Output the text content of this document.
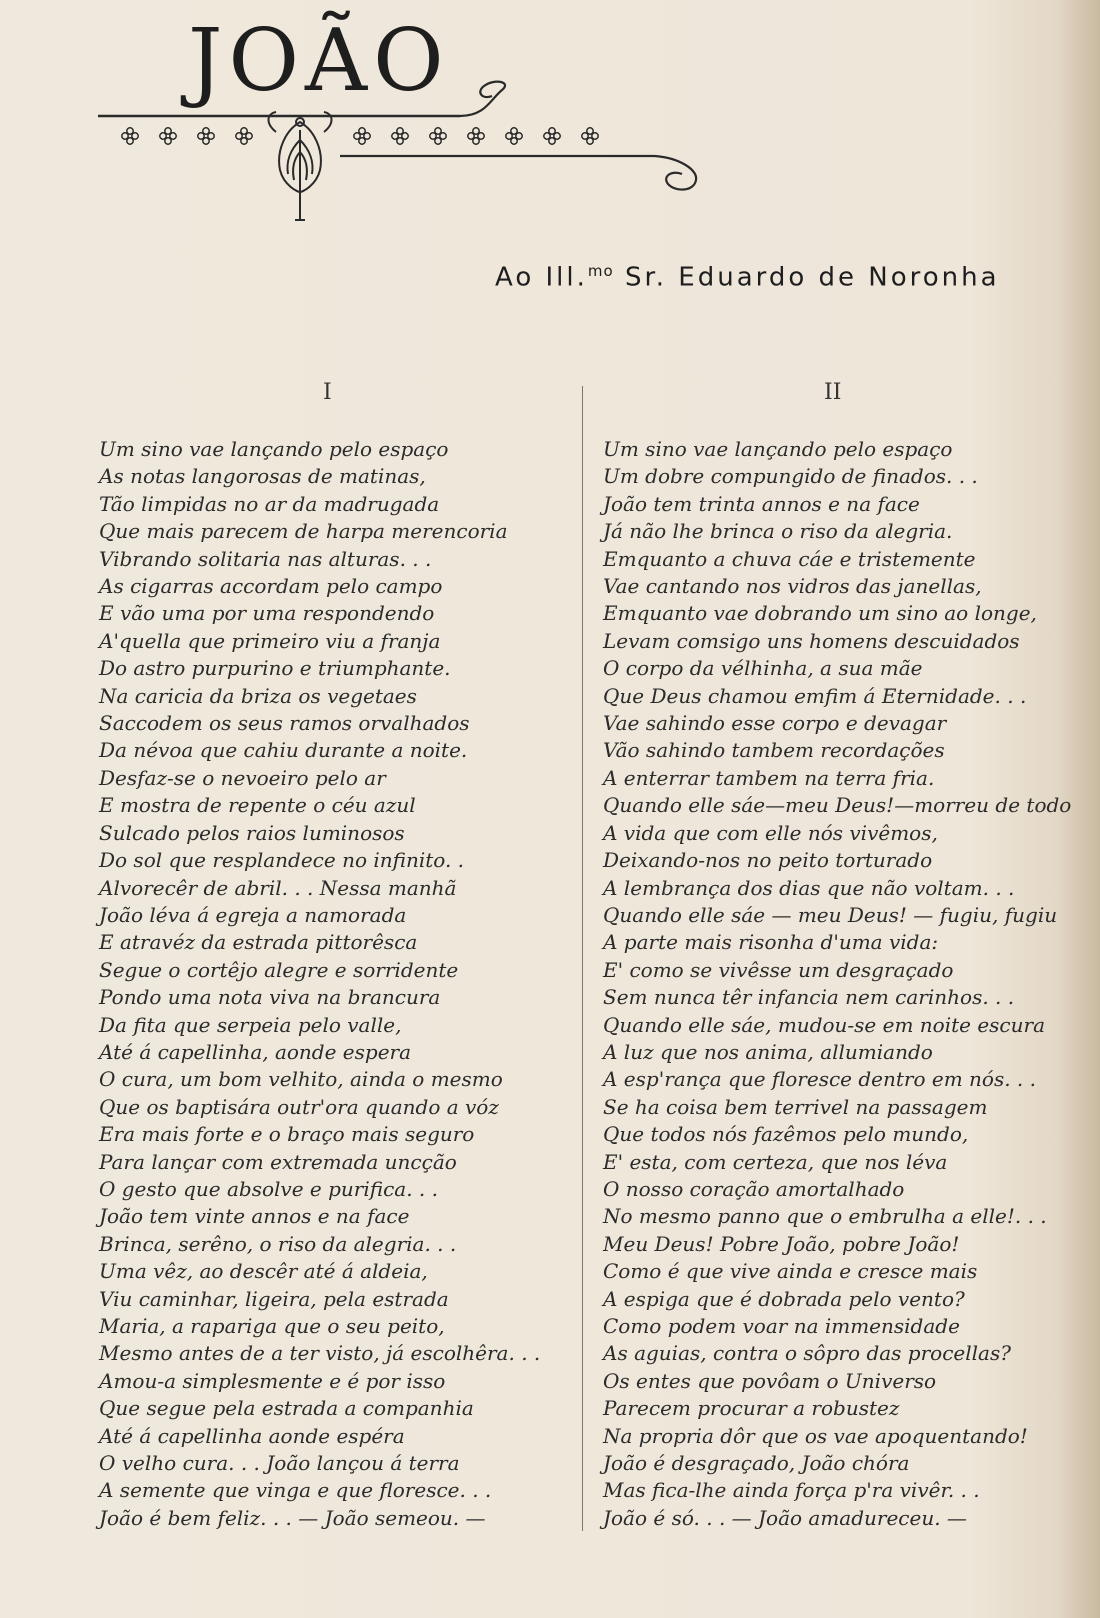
JOÃO
Ao Ill.$^{mo}$ Sr. Eduardo de Noronha
I	II
Um sino vae lançando pelo espaço
As notas langorosas de matinas,
Tão limpidas no ar da madrugada
Que mais parecem de harpa merencoria
Vibrando solitaria nas alturas. . .
As cigarras accordam pelo campo
E vão uma por uma respondendo
A'quella que primeiro viu a franja
Do astro purpurino e triumphante.
Na caricia da briza os vegetaes
Saccodem os seus ramos orvalhados
Da névoa que cahiu durante a noite.
Desfaz-se o nevoeiro pelo ar
E mostra de repente o céu azul
Sulcado pelos raios luminosos
Do sol que resplandece no infinito. .
Alvorecêr de abril. . . Nessa manhã
João léva á egreja a namorada
E atravéz da estrada pittorêsca
Segue o cortêjo alegre e sorridente
Pondo uma nota viva na brancura
Da fita que serpeia pelo valle,
Até á capellinha, aonde espera
O cura, um bom velhito, ainda o mesmo
Que os baptisára outr'ora quando a vóz
Era mais forte e o braço mais seguro
Para lançar com extremada uncção
O gesto que absolve e purifica. . .
João tem vinte annos e na face
Brinca, serêno, o riso da alegria. . .
Uma vêz, ao descêr até á aldeia,
Viu caminhar, ligeira, pela estrada
Maria, a rapariga que o seu peito,
Mesmo antes de a ter visto, já escolhêra. . .
Amou-a simplesmente e é por isso
Que segue pela estrada a companhia
Até á capellinha aonde espéra
O velho cura. . . João lançou á terra
A semente que vinga e que floresce. . .
João é bem feliz. . . — João semeou. —
Um sino vae lançando pelo espaço
Um dobre compungido de finados. . .
João tem trinta annos e na face
Já não lhe brinca o riso da alegria.
Emquanto a chuva cáe e tristemente
Vae cantando nos vidros das janellas,
Emquanto vae dobrando um sino ao longe,
Levam comsigo uns homens descuidados
O corpo da vélhinha, a sua mãe
Que Deus chamou emfim á Eternidade. . .
Vae sahindo esse corpo e devagar
Vão sahindo tambem recordações
A enterrar tambem na terra fria.
Quando elle sáe—meu Deus!—morreu de todo
A vida que com elle nós vivêmos,
Deixando-nos no peito torturado
A lembrança dos dias que não voltam. . .
Quando elle sáe — meu Deus! — fugiu, fugiu
A parte mais risonha d'uma vida:
E' como se vivêsse um desgraçado
Sem nunca têr infancia nem carinhos. . .
Quando elle sáe, mudou-se em noite escura
A luz que nos anima, allumiando
A esp'rança que floresce dentro em nós. . .
Se ha coisa bem terrivel na passagem
Que todos nós fazêmos pelo mundo,
E' esta, com certeza, que nos léva
O nosso coração amortalhado
No mesmo panno que o embrulha a elle!. . .
Meu Deus! Pobre João, pobre João!
Como é que vive ainda e cresce mais
A espiga que é dobrada pelo vento?
Como podem voar na immensidade
As aguias, contra o sôpro das procellas?
Os entes que povôam o Universo
Parecem procurar a robustez
Na propria dôr que os vae apoquentando!
João é desgraçado, João chóra
Mas fica-lhe ainda força p'ra vivêr. . .
João é só. . . — João amadureceu. —
